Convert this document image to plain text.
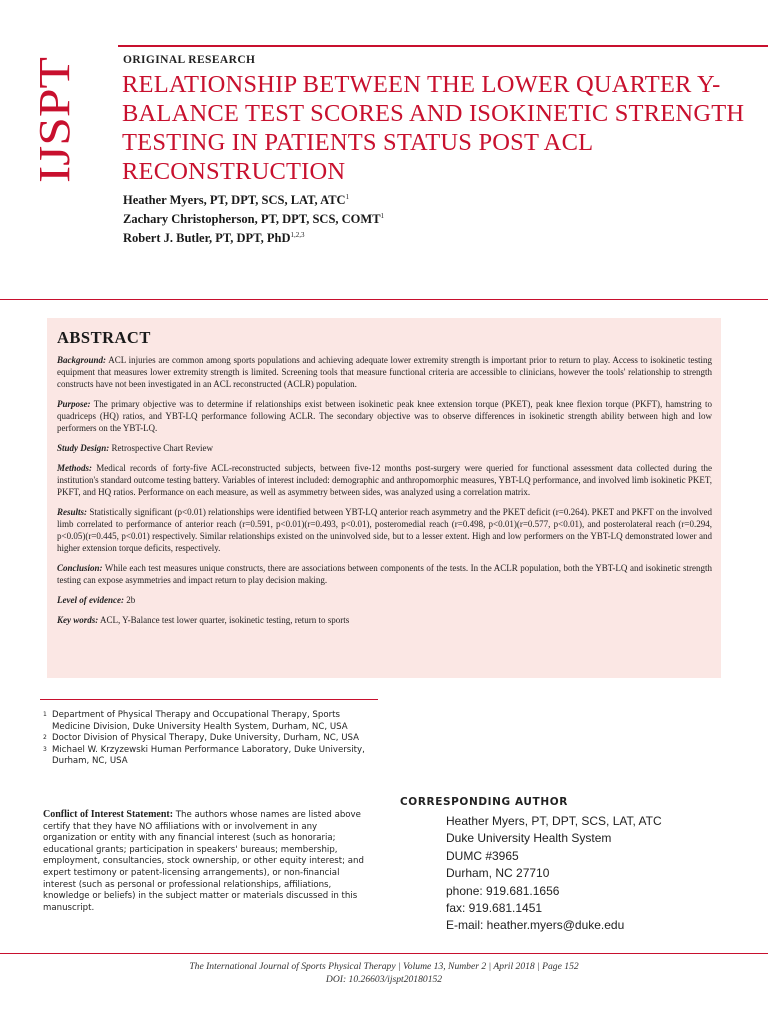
IJSPT
ORIGINAL RESEARCH
RELATIONSHIP BETWEEN THE LOWER QUARTER Y-BALANCE TEST SCORES AND ISOKINETIC STRENGTH TESTING IN PATIENTS STATUS POST ACL RECONSTRUCTION
Heather Myers, PT, DPT, SCS, LAT, ATC$^1$
Zachary Christopherson, PT, DPT, SCS, COMT$^1$
Robert J. Butler, PT, DPT, PhD$^{1,2,3}$
ABSTRACT

Background: ACL injuries are common among sports populations and achieving adequate lower extremity strength is important prior to return to play. Access to isokinetic testing equipment that measures lower extremity strength is limited. Screening tools that measure functional criteria are accessible to clinicians, however the tools' relationship to strength constructs have not been investigated in an ACL reconstructed (ACLR) population.

Purpose: The primary objective was to determine if relationships exist between isokinetic peak knee extension torque (PKET), peak knee flexion torque (PKFT), hamstring to quadriceps (HQ) ratios, and YBT-LQ performance following ACLR. The secondary objective was to observe differences in isokinetic strength ability between high and low performers on the YBT-LQ.

Study Design: Retrospective Chart Review

Methods: Medical records of forty-five ACL-reconstructed subjects, between five-12 months post-surgery were queried for functional assessment data collected during the institution's standard outcome testing battery. Variables of interest included: demographic and anthropomorphic measures, YBT-LQ performance, and involved limb isokinetic PKET, PKFT, and HQ ratios. Performance on each measure, as well as asymmetry between sides, was analyzed using a correlation matrix.

Results: Statistically significant (p<0.01) relationships were identified between YBT-LQ anterior reach asymmetry and the PKET deficit (r=0.264). PKET and PKFT on the involved limb correlated to performance of anterior reach (r=0.591, p<0.01)(r=0.493, p<0.01), posteromedial reach (r=0.498, p<0.01)(r=0.577, p<0.01), and posterolateral reach (r=0.294, p<0.05)(r=0.445, p<0.01) respectively. Similar relationships existed on the uninvolved side, but to a lesser extent. High and low performers on the YBT-LQ demonstrated lower and higher extension torque deficits, respectively.

Conclusion: While each test measures unique constructs, there are associations between components of the tests. In the ACLR population, both the YBT-LQ and isokinetic strength testing can expose asymmetries and impact return to play decision making.

Level of evidence: 2b

Key words: ACL, Y-Balance test lower quarter, isokinetic testing, return to sports

1 Department of Physical Therapy and Occupational Therapy, Sports Medicine Division, Duke University Health System, Durham, NC, USA
2 Doctor Division of Physical Therapy, Duke University, Durham, NC, USA
3 Michael W. Krzyzewski Human Performance Laboratory, Duke University, Durham, NC, USA
Conflict of Interest Statement: The authors whose names are listed above certify that they have NO affiliations with or involvement in any organization or entity with any financial interest (such as honoraria; educational grants; participation in speakers' bureaus; membership, employment, consultancies, stock ownership, or other equity interest; and expert testimony or patent-licensing arrangements), or non-financial interest (such as personal or professional relationships, affiliations, knowledge or beliefs) in the subject matter or materials discussed in this manuscript.
CORRESPONDING AUTHOR
Heather Myers, PT, DPT, SCS, LAT, ATC
Duke University Health System
DUMC #3965
Durham, NC 27710
phone: 919.681.1656
fax: 919.681.1451
E-mail: heather.myers@duke.edu
The International Journal of Sports Physical Therapy | Volume 13, Number 2 | April 2018 | Page 152
DOI: 10.26603/ijspt20180152
